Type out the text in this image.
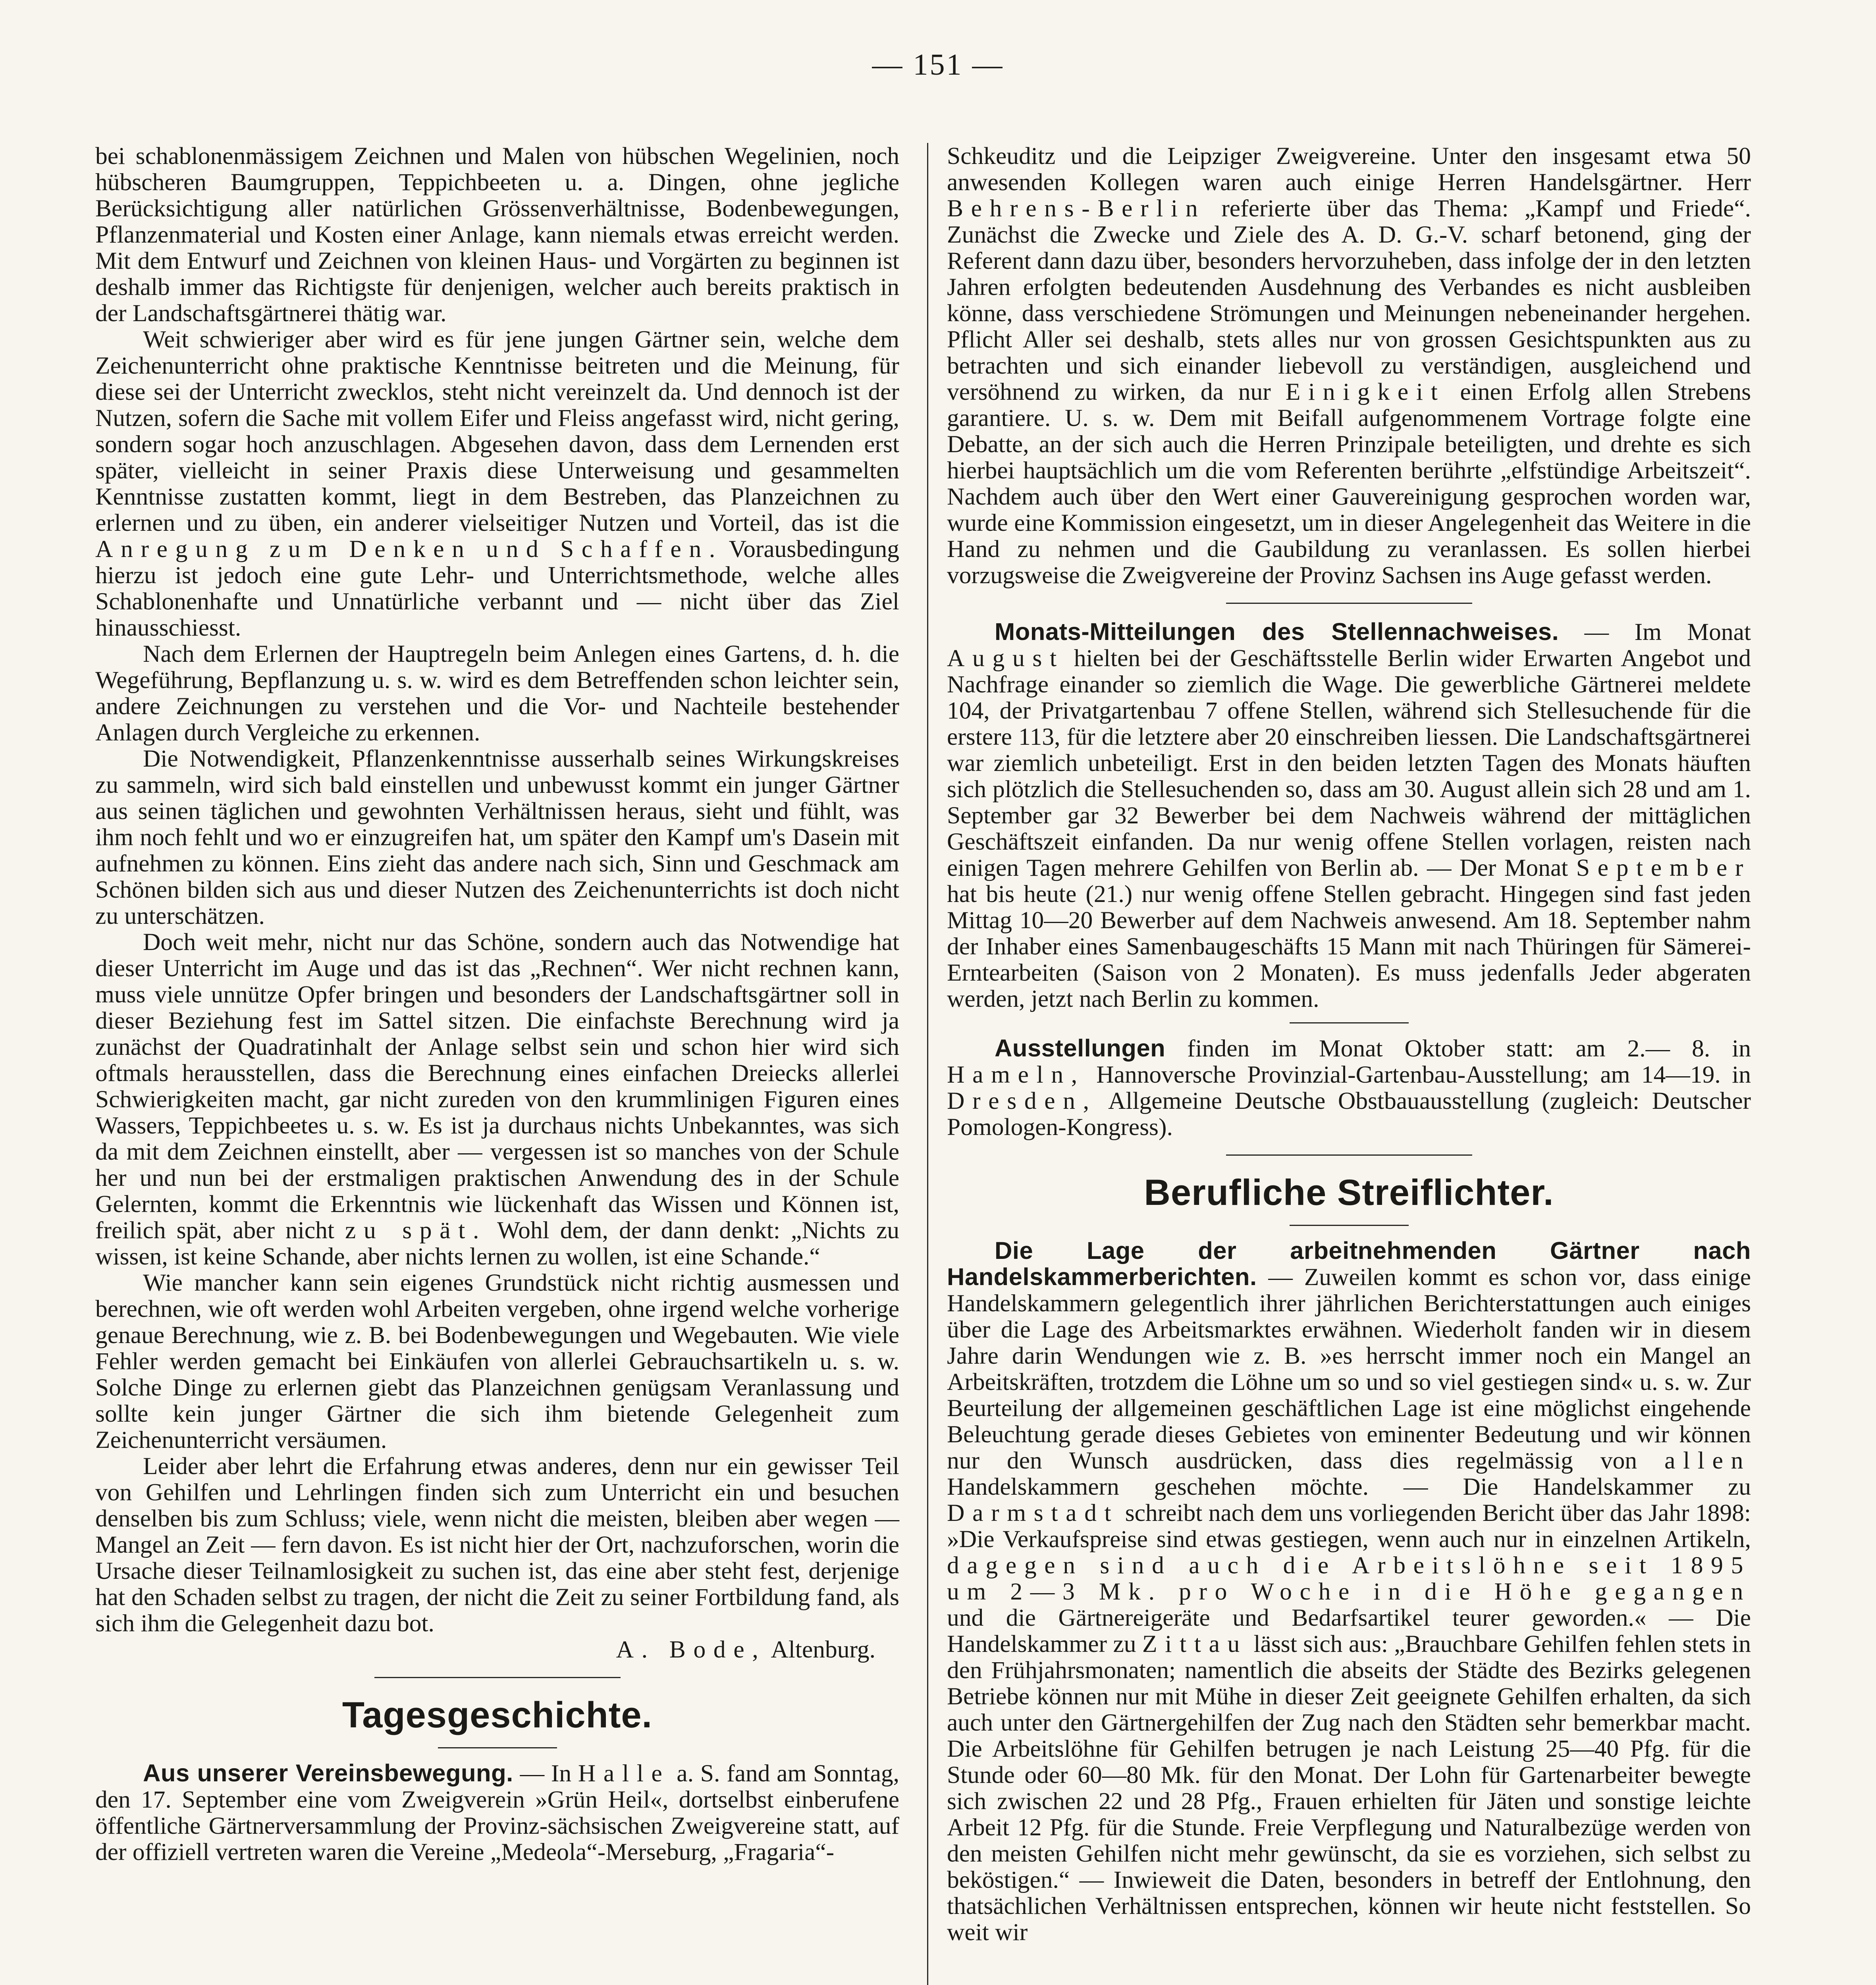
— 151 —

bei schablonenmässigem Zeichnen und Malen von hübschen Wegelinien, noch hübscheren Baumgruppen, Teppichbeeten u. a. Dingen, ohne jegliche Berücksichtigung aller natürlichen Grössenverhältnisse, Bodenbewegungen, Pflanzenmaterial und Kosten einer Anlage, kann niemals etwas erreicht werden. Mit dem Entwurf und Zeichnen von kleinen Haus- und Vorgärten zu beginnen ist deshalb immer das Richtigste für denjenigen, welcher auch bereits praktisch in der Landschaftsgärtnerei thätig war.

Weit schwieriger aber wird es für jene jungen Gärtner sein, welche dem Zeichenunterricht ohne praktische Kenntnisse beitreten und die Meinung, für diese sei der Unterricht zwecklos, steht nicht vereinzelt da. Und dennoch ist der Nutzen, sofern die Sache mit vollem Eifer und Fleiss angefasst wird, nicht gering, sondern sogar hoch anzuschlagen. Abgesehen davon, dass dem Lernenden erst später, vielleicht in seiner Praxis diese Unterweisung und gesammelten Kenntnisse zustatten kommt, liegt in dem Bestreben, das Planzeichnen zu erlernen und zu üben, ein anderer vielseitiger Nutzen und Vorteil, das ist die Anregung zum Denken und Schaffen. Vorausbedingung hierzu ist jedoch eine gute Lehr- und Unterrichtsmethode, welche alles Schablonenhafte und Unnatürliche verbannt und — nicht über das Ziel hinausschiesst.

Nach dem Erlernen der Hauptregeln beim Anlegen eines Gartens, d. h. die Wegeführung, Bepflanzung u. s. w. wird es dem Betreffenden schon leichter sein, andere Zeichnungen zu verstehen und die Vor- und Nachteile bestehender Anlagen durch Vergleiche zu erkennen.

Die Notwendigkeit, Pflanzenkenntnisse ausserhalb seines Wirkungskreises zu sammeln, wird sich bald einstellen und unbewusst kommt ein junger Gärtner aus seinen täglichen und gewohnten Verhältnissen heraus, sieht und fühlt, was ihm noch fehlt und wo er einzugreifen hat, um später den Kampf um's Dasein mit aufnehmen zu können. Eins zieht das andere nach sich, Sinn und Geschmack am Schönen bilden sich aus und dieser Nutzen des Zeichenunterrichts ist doch nicht zu unterschätzen.

Doch weit mehr, nicht nur das Schöne, sondern auch das Notwendige hat dieser Unterricht im Auge und das ist das „Rechnen“. Wer nicht rechnen kann, muss viele unnütze Opfer bringen und besonders der Landschaftsgärtner soll in dieser Beziehung fest im Sattel sitzen. Die einfachste Berechnung wird ja zunächst der Quadratinhalt der Anlage selbst sein und schon hier wird sich oftmals herausstellen, dass die Berechnung eines einfachen Dreiecks allerlei Schwierigkeiten macht, gar nicht zureden von den krummlinigen Figuren eines Wassers, Teppichbeetes u. s. w. Es ist ja durchaus nichts Unbekanntes, was sich da mit dem Zeichnen einstellt, aber — vergessen ist so manches von der Schule her und nun bei der erstmaligen praktischen Anwendung des in der Schule Gelernten, kommt die Erkenntnis wie lückenhaft das Wissen und Können ist, freilich spät, aber nicht zu spät. Wohl dem, der dann denkt: „Nichts zu wissen, ist keine Schande, aber nichts lernen zu wollen, ist eine Schande.“

Wie mancher kann sein eigenes Grundstück nicht richtig ausmessen und berechnen, wie oft werden wohl Arbeiten vergeben, ohne irgend welche vorherige genaue Berechnung, wie z. B. bei Bodenbewegungen und Wegebauten. Wie viele Fehler werden gemacht bei Einkäufen von allerlei Gebrauchsartikeln u. s. w. Solche Dinge zu erlernen giebt das Planzeichnen genügsam Veranlassung und sollte kein junger Gärtner die sich ihm bietende Gelegenheit zum Zeichenunterricht versäumen.

Leider aber lehrt die Erfahrung etwas anderes, denn nur ein gewisser Teil von Gehilfen und Lehrlingen finden sich zum Unterricht ein und besuchen denselben bis zum Schluss; viele, wenn nicht die meisten, bleiben aber wegen — Mangel an Zeit — fern davon. Es ist nicht hier der Ort, nachzuforschen, worin die Ursache dieser Teilnamlosigkeit zu suchen ist, das eine aber steht fest, derjenige hat den Schaden selbst zu tragen, der nicht die Zeit zu seiner Fortbildung fand, als sich ihm die Gelegenheit dazu bot.

A. Bode, Altenburg.

Tagesgeschichte.

Aus unserer Vereinsbewegung. — In Halle a. S. fand am Sonntag, den 17. September eine vom Zweigverein »Grün Heil«, dortselbst einberufene öffentliche Gärtnerversammlung der Provinz-sächsischen Zweigvereine statt, auf der offiziell vertreten waren die Vereine „Medeola“-Merseburg, „Fragaria“-

Schkeuditz und die Leipziger Zweigvereine. Unter den insgesamt etwa 50 anwesenden Kollegen waren auch einige Herren Handelsgärtner. Herr Behrens-Berlin referierte über das Thema: „Kampf und Friede“. Zunächst die Zwecke und Ziele des A. D. G.-V. scharf betonend, ging der Referent dann dazu über, besonders hervorzuheben, dass infolge der in den letzten Jahren erfolgten bedeutenden Ausdehnung des Verbandes es nicht ausbleiben könne, dass verschiedene Strömungen und Meinungen nebeneinander hergehen. Pflicht Aller sei deshalb, stets alles nur von grossen Gesichtspunkten aus zu betrachten und sich einander liebevoll zu verständigen, ausgleichend und versöhnend zu wirken, da nur Einigkeit einen Erfolg allen Strebens garantiere. U. s. w. Dem mit Beifall aufgenommenem Vortrage folgte eine Debatte, an der sich auch die Herren Prinzipale beteiligten, und drehte es sich hierbei hauptsächlich um die vom Referenten berührte „elfstündige Arbeitszeit“. Nachdem auch über den Wert einer Gauvereinigung gesprochen worden war, wurde eine Kommission eingesetzt, um in dieser Angelegenheit das Weitere in die Hand zu nehmen und die Gaubildung zu veranlassen. Es sollen hierbei vorzugsweise die Zweigvereine der Provinz Sachsen ins Auge gefasst werden.

Monats-Mitteilungen des Stellennachweises. — Im Monat August hielten bei der Geschäftsstelle Berlin wider Erwarten Angebot und Nachfrage einander so ziemlich die Wage. Die gewerbliche Gärtnerei meldete 104, der Privatgartenbau 7 offene Stellen, während sich Stellesuchende für die erstere 113, für die letztere aber 20 einschreiben liessen. Die Landschaftsgärtnerei war ziemlich unbeteiligt. Erst in den beiden letzten Tagen des Monats häuften sich plötzlich die Stellesuchenden so, dass am 30. August allein sich 28 und am 1. September gar 32 Bewerber bei dem Nachweis während der mittäglichen Geschäftszeit einfanden. Da nur wenig offene Stellen vorlagen, reisten nach einigen Tagen mehrere Gehilfen von Berlin ab. — Der Monat September hat bis heute (21.) nur wenig offene Stellen gebracht. Hingegen sind fast jeden Mittag 10—20 Bewerber auf dem Nachweis anwesend. Am 18. September nahm der Inhaber eines Samenbaugeschäfts 15 Mann mit nach Thüringen für Sämerei-Erntearbeiten (Saison von 2 Monaten). Es muss jedenfalls Jeder abgeraten werden, jetzt nach Berlin zu kommen.

Ausstellungen finden im Monat Oktober statt: am 2.— 8. in Hameln, Hannoversche Provinzial-Gartenbau-Ausstellung; am 14—19. in Dresden, Allgemeine Deutsche Obstbauausstellung (zugleich: Deutscher Pomologen-Kongress).

Berufliche Streiflichter.

Die Lage der arbeitnehmenden Gärtner nach Handelskammerberichten. — Zuweilen kommt es schon vor, dass einige Handelskammern gelegentlich ihrer jährlichen Berichterstattungen auch einiges über die Lage des Arbeitsmarktes erwähnen. Wiederholt fanden wir in diesem Jahre darin Wendungen wie z. B. »es herrscht immer noch ein Mangel an Arbeitskräften, trotzdem die Löhne um so und so viel gestiegen sind« u. s. w. Zur Beurteilung der allgemeinen geschäftlichen Lage ist eine möglichst eingehende Beleuchtung gerade dieses Gebietes von eminenter Bedeutung und wir können nur den Wunsch ausdrücken, dass dies regelmässig von allen Handelskammern geschehen möchte. — Die Handelskammer zu Darmstadt schreibt nach dem uns vorliegenden Bericht über das Jahr 1898: »Die Verkaufspreise sind etwas gestiegen, wenn auch nur in einzelnen Artikeln, dagegen sind auch die Arbeitslöhne seit 1895 um 2—3 Mk. pro Woche in die Höhe gegangen und die Gärtnereigeräte und Bedarfsartikel teurer geworden.« — Die Handelskammer zu Zittau lässt sich aus: „Brauchbare Gehilfen fehlen stets in den Frühjahrsmonaten; namentlich die abseits der Städte des Bezirks gelegenen Betriebe können nur mit Mühe in dieser Zeit geeignete Gehilfen erhalten, da sich auch unter den Gärtnergehilfen der Zug nach den Städten sehr bemerkbar macht. Die Arbeitslöhne für Gehilfen betrugen je nach Leistung 25—40 Pfg. für die Stunde oder 60—80 Mk. für den Monat. Der Lohn für Gartenarbeiter bewegte sich zwischen 22 und 28 Pfg., Frauen erhielten für Jäten und sonstige leichte Arbeit 12 Pfg. für die Stunde. Freie Verpflegung und Naturalbezüge werden von den meisten Gehilfen nicht mehr gewünscht, da sie es vorziehen, sich selbst zu beköstigen.“ — Inwieweit die Daten, besonders in betreff der Entlohnung, den thatsächlichen Verhältnissen entsprechen, können wir heute nicht feststellen. So weit wir
